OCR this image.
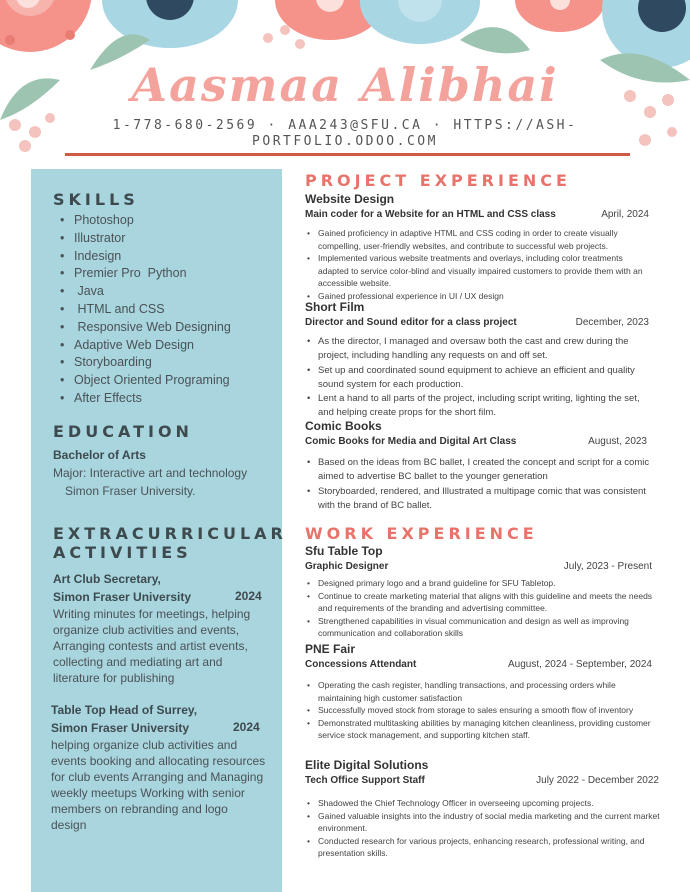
Aasmaa Alibhai
1-778-680-2569 · AAA243@SFU.CA · HTTPS://ASH-
PORTFOLIO.ODOO.COM
SKILLS
• Photoshop
• Illustrator
• Indesign
• Premier Pro  Python
•  Java
•  HTML and CSS
•  Responsive Web Designing
• Adaptive Web Design
• Storyboarding
• Object Oriented Programing
• After Effects
EDUCATION
Bachelor of Arts
Major: Interactive art and technology
Simon Fraser University.
EXTRACURRICULAR
ACTIVITIES
Art Club Secretary,
Simon Fraser University	2024
Writing minutes for meetings, helping
organize club activities and events,
Arranging contests and artist events,
collecting and mediating art and
literature for publishing
Table Top Head of Surrey,
Simon Fraser University	2024
helping organize club activities and
events booking and allocating resources
for club events Arranging and Managing
weekly meetups Working with senior
members on rebranding and logo
design
PROJECT EXPERIENCE
Website Design
Main coder for a Website for an HTML and CSS class	April, 2024
• Gained proficiency in adaptive HTML and CSS coding in order to create visually compelling, user-friendly websites, and contribute to successful web projects.
• Implemented various website treatments and overlays, including color treatments adapted to service color-blind and visually impaired customers to provide them with an accessible website.
• Gained professional experience in UI / UX design
Short Film
Director and Sound editor for a class project	December, 2023
• As the director, I managed and oversaw both the cast and crew during the project, including handling any requests on and off set.
• Set up and coordinated sound equipment to achieve an efficient and quality sound system for each production.
• Lent a hand to all parts of the project, including script writing, lighting the set, and helping create props for the short film.
Comic Books
Comic Books for Media and Digital Art Class	August, 2023
• Based on the ideas from BC ballet, I created the concept and script for a comic aimed to advertise BC ballet to the younger generation
• Storyboarded, rendered, and Illustrated a multipage comic that was consistent with the brand of BC ballet.
WORK EXPERIENCE
Sfu Table Top
Graphic Designer	July, 2023 - Present
• Designed primary logo and a brand guideline for SFU Tabletop.
• Continue to create marketing material that aligns with this guideline and meets the needs and requirements of the branding and advertising committee.
• Strengthened capabilities in visual communication and design as well as improving communication and collaboration skills
PNE Fair
Concessions Attendant	August, 2024 - September, 2024
• Operating the cash register, handling transactions, and processing orders while maintaining high customer satisfaction
• Successfully moved stock from storage to sales ensuring a smooth flow of inventory
• Demonstrated multitasking abilities by managing kitchen cleanliness, providing customer service stock management, and supporting kitchen staff.
Elite Digital Solutions
Tech Office Support Staff	July 2022 - December 2022
• Shadowed the Chief Technology Officer in overseeing upcoming projects.
• Gained valuable insights into the industry of social media marketing and the current market environment.
• Conducted research for various projects, enhancing research, professional writing, and presentation skills.
